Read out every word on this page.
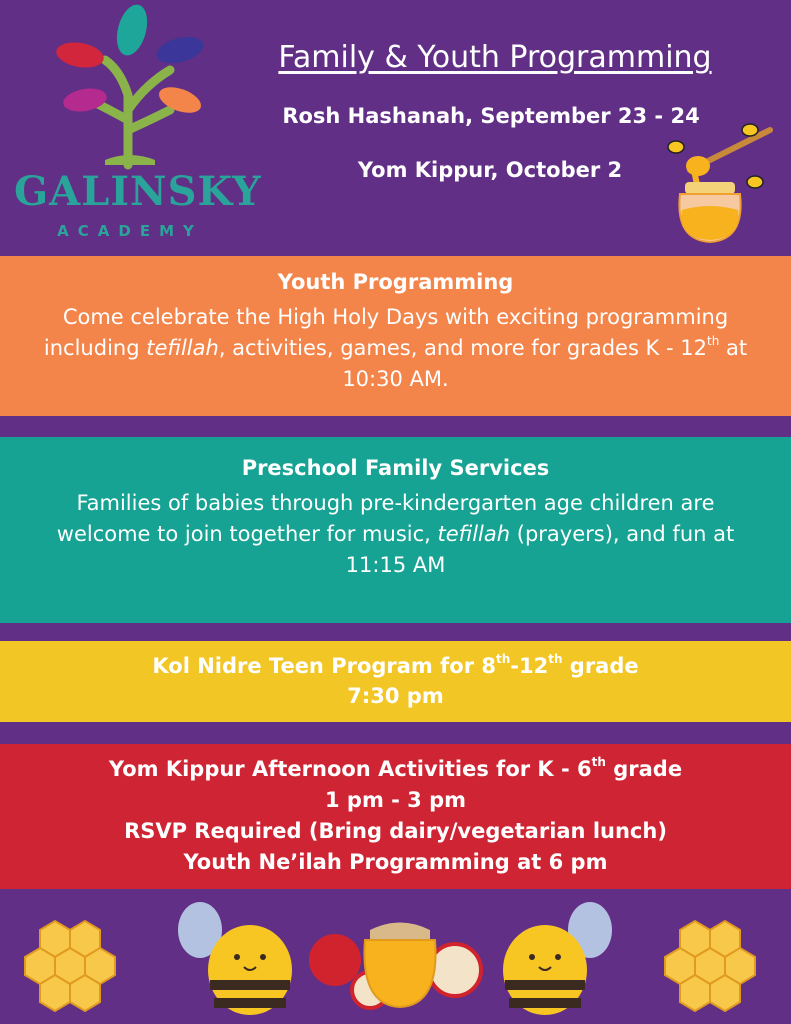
GALINSKY
ACADEMY
Family & Youth Programming
Rosh Hashanah, September 23 - 24
Yom Kippur, October 2
Youth Programming

Come celebrate the High Holy Days with exciting programming including tefillah, activities, games, and more for grades K - 12th at 10:30 AM.

Preschool Family Services

Families of babies through pre-kindergarten age children are welcome to join together for music, tefillah (prayers), and fun at 11:15 AM

Kol Nidre Teen Program for 8th-12th grade
7:30 pm
Yom Kippur Afternoon Activities for K - 6th grade
1 pm - 3 pm
RSVP Required (Bring dairy/vegetarian lunch)
Youth Ne’ilah Programming at 6 pm
